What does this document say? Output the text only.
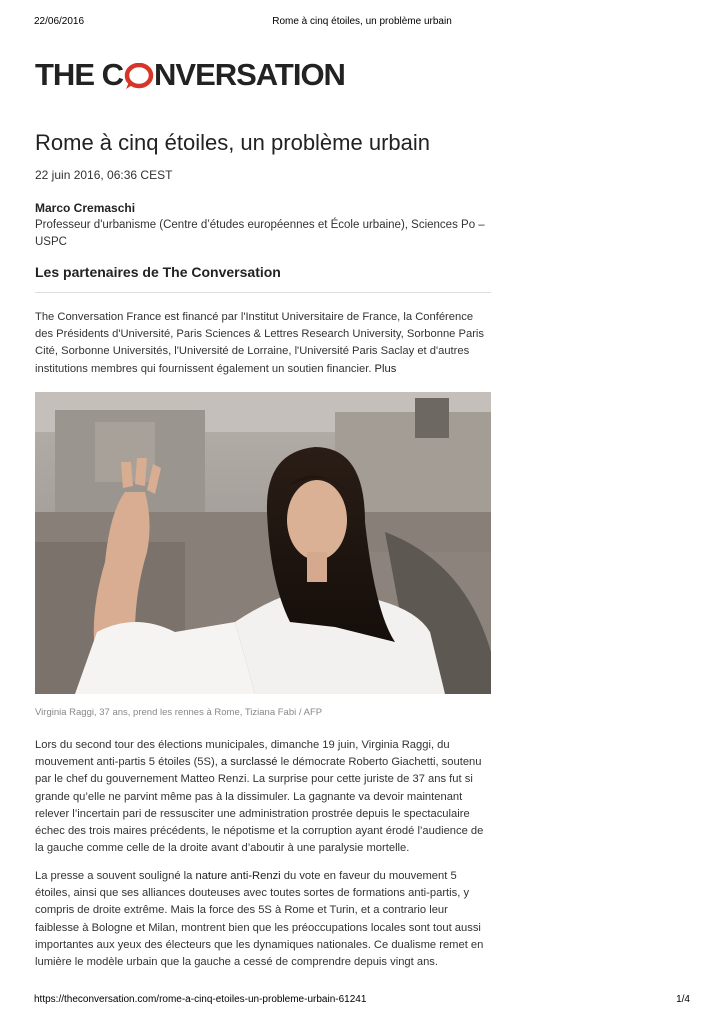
22/06/2016	Rome à cinq étoiles, un problème urbain
THE C NVERSATION
Rome à cinq étoiles, un problème urbain
22 juin 2016, 06:36 CEST
Marco Cremaschi
Professeur d'urbanisme (Centre d’études européennes et École urbaine), Sciences Po – USPC
Les partenaires de The Conversation

The Conversation France est financé par l'Institut Universitaire de France, la Conférence des Présidents d'Université, Paris Sciences & Lettres Research University, Sorbonne Paris Cité, Sorbonne Universités, l'Université de Lorraine, l'Université Paris Saclay et d'autres institutions membres qui fournissent également un soutien financier. Plus

Virginia Raggi, 37 ans, prend les rennes à Rome, Tiziana Fabi / AFP

Lors du second tour des élections municipales, dimanche 19 juin, Virginia Raggi, du mouvement anti-partis 5 étoiles (5S), a surclassé le démocrate Roberto Giachetti, soutenu par le chef du gouvernement Matteo Renzi. La surprise pour cette juriste de 37 ans fut si grande qu’elle ne parvint même pas à la dissimuler. La gagnante va devoir maintenant relever l’incertain pari de ressusciter une administration prostrée depuis le spectaculaire échec des trois maires précédents, le népotisme et la corruption ayant érodé l’audience de la gauche comme celle de la droite avant d’aboutir à une paralysie mortelle.

La presse a souvent souligné la nature anti-Renzi du vote en faveur du mouvement 5 étoiles, ainsi que ses alliances douteuses avec toutes sortes de formations anti-partis, y compris de droite extrême. Mais la force des 5S à Rome et Turin, et a contrario leur faiblesse à Bologne et Milan, montrent bien que les préoccupations locales sont tout aussi importantes aux yeux des électeurs que les dynamiques nationales. Ce dualisme remet en lumière le modèle urbain que la gauche a cessé de comprendre depuis vingt ans.

https://theconversation.com/rome-a-cinq-etoiles-un-probleme-urbain-61241	1/4
